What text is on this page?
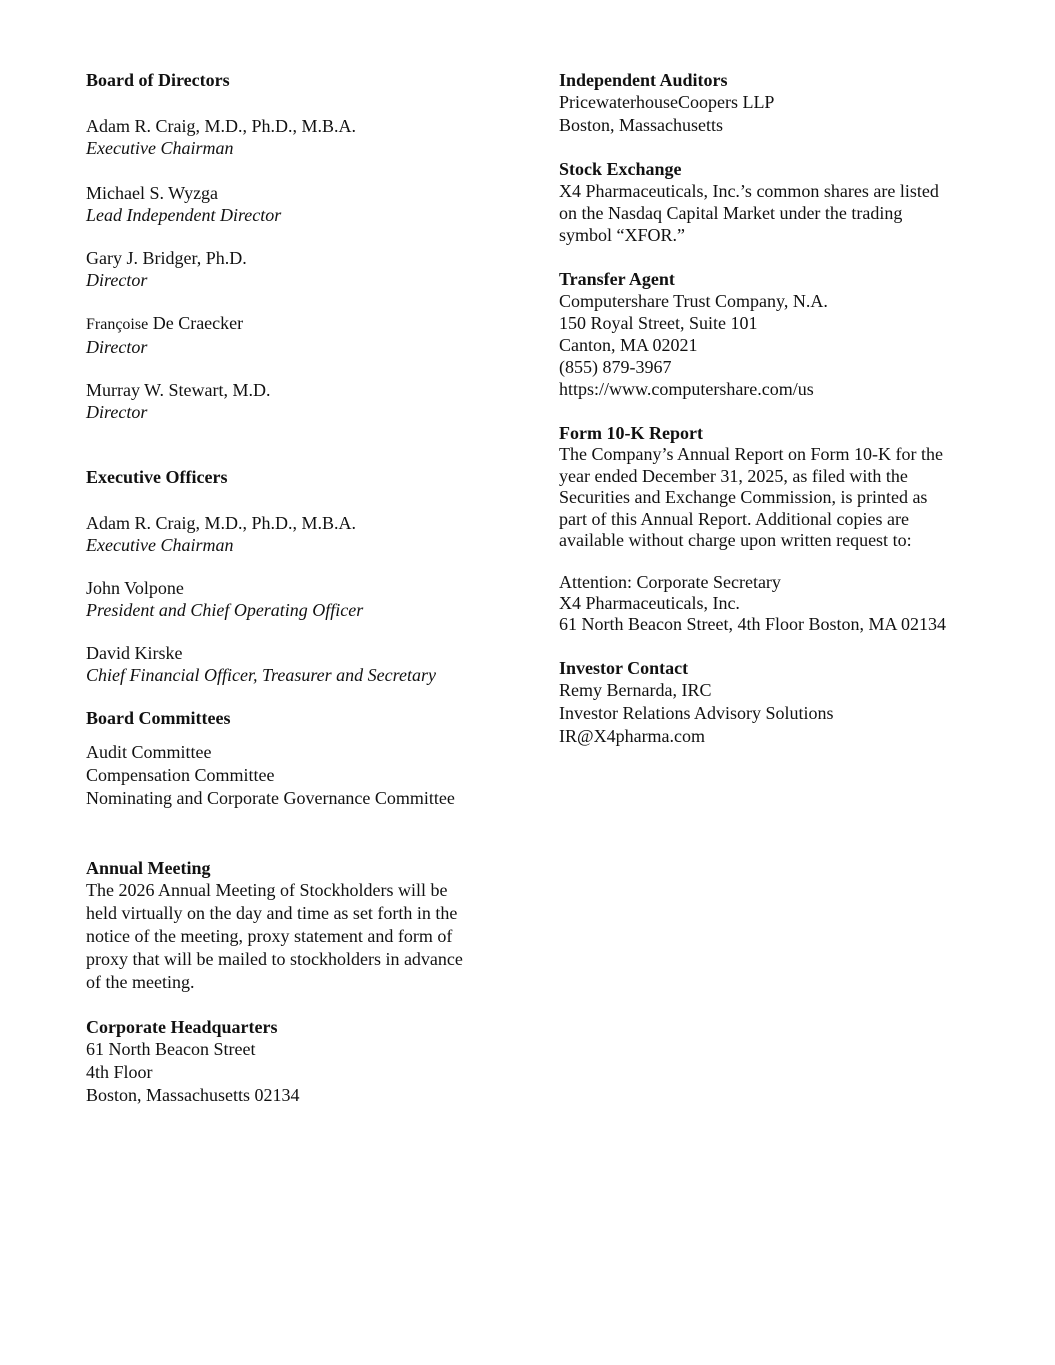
Board of Directors
Adam R. Craig, M.D., Ph.D., M.B.A.
Executive Chairman
Michael S. Wyzga
Lead Independent Director
Gary J. Bridger, Ph.D.
Director
Françoise De Craecker
Director
Murray W. Stewart, M.D.
Director
Executive Officers
Adam R. Craig, M.D., Ph.D., M.B.A.
Executive Chairman
John Volpone
President and Chief Operating Officer
David Kirske
Chief Financial Officer, Treasurer and Secretary
Board Committees
Audit Committee
Compensation Committee
Nominating and Corporate Governance Committee
Annual Meeting
The 2026 Annual Meeting of Stockholders will be
held virtually on the day and time as set forth in the
notice of the meeting, proxy statement and form of
proxy that will be mailed to stockholders in advance
of the meeting.
Corporate Headquarters
61 North Beacon Street
4th Floor
Boston, Massachusetts 02134
Independent Auditors
PricewaterhouseCoopers LLP
Boston, Massachusetts
Stock Exchange
X4 Pharmaceuticals, Inc.’s common shares are listed
on the Nasdaq Capital Market under the trading
symbol “XFOR.”
Transfer Agent
Computershare Trust Company, N.A.
150 Royal Street, Suite 101
Canton, MA 02021
(855) 879-3967
https://www.computershare.com/us
Form 10-K Report
The Company’s Annual Report on Form 10-K for the
year ended December 31, 2025, as filed with the
Securities and Exchange Commission, is printed as
part of this Annual Report. Additional copies are
available without charge upon written request to:
Attention: Corporate Secretary
X4 Pharmaceuticals, Inc.
61 North Beacon Street, 4th Floor Boston, MA 02134
Investor Contact
Remy Bernarda, IRC
Investor Relations Advisory Solutions
IR@X4pharma.com
